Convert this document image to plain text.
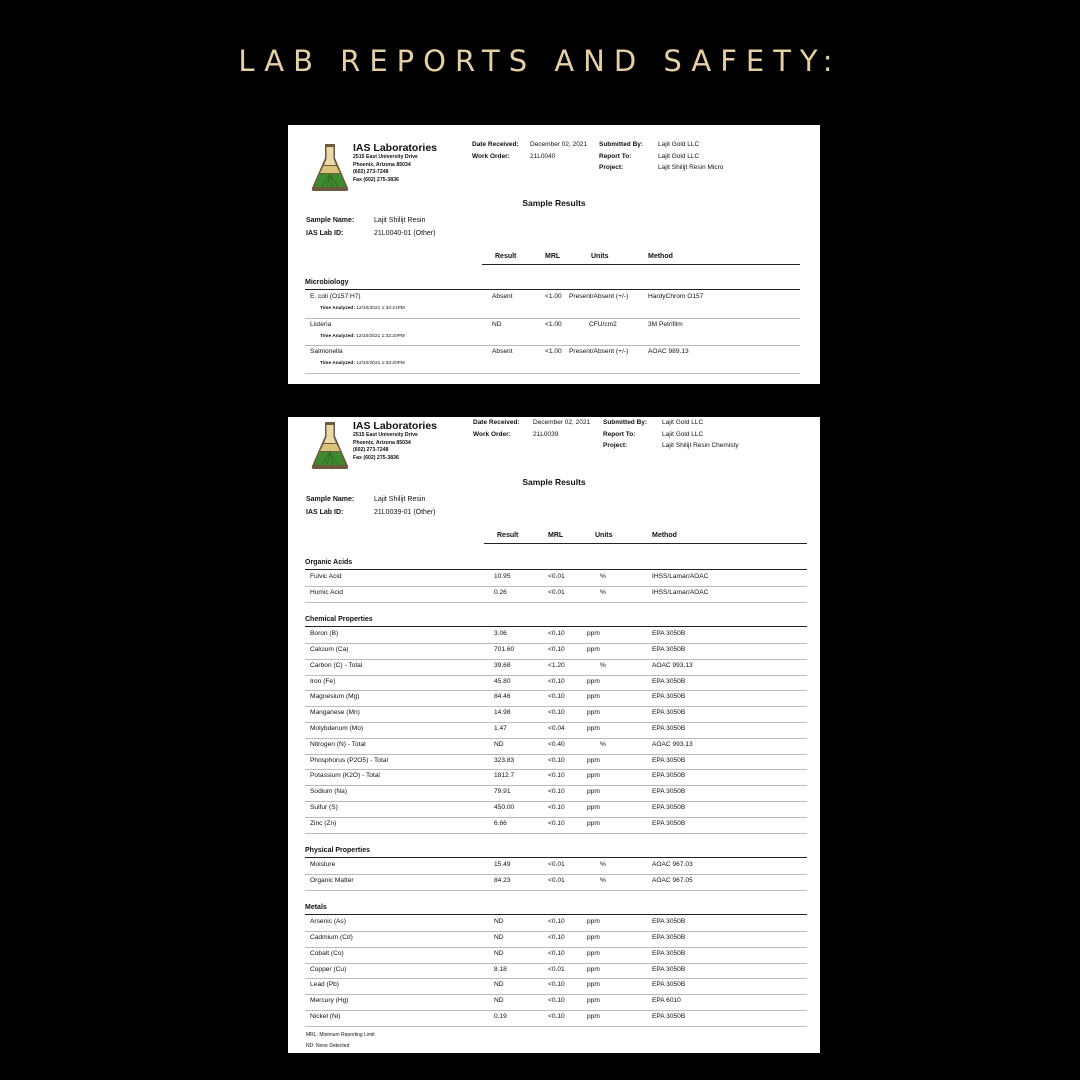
LAB REPORTS AND SAFETY:
IAS Laboratories
2515 East University Drive
Phoenix, Arizona 85034
(602) 273-7248
Fax (602) 275-3836
Date Received:
Work Order:
December 02, 2021
21L0040
Submitted By:
Report To:
Project:
Lajit Gold LLC
Lajit Gold LLC
Lajit Shilijt Resin Micro
Sample Results
Sample Name:	Lajit Shilijt Resin
IAS Lab ID:	21L0040-01 (Other)
Result	MRL	Units	Method
Microbiology
E. coli (O157:H7)	Absent	<1.00 Present/Absent (+/-)	HardyChrom O157
Time Analyzed: 12/10/2021 1:34:21PM
Listeria	ND	<1.00	CFU/cm2	3M Petrifilm
Time Analyzed: 12/10/2021 1:33:20PM
Salmonella	Absent	<1.00 Present/Absent (+/-)	AOAC 989.13
Time Analyzed: 12/10/2021 1:33:20PM
IAS Laboratories
2515 East University Drive
Phoenix, Arizona 85034
(602) 273-7248
Fax (602) 275-3836
Date Received:
Work Order:
December 02, 2021
21L0039
Submitted By:
Report To:
Project:
Lajit Gold LLC
Lajit Gold LLC
Lajit Shilijt Resin Chemisty
Sample Results
Sample Name:	Lajit Shilijt Resin
IAS Lab ID:	21L0039-01 (Other)
Result	MRL	Units	Method
Organic Acids
Fulvic Acid	10.95	<0.01	%	IHSS/Lamar/AOAC
Humic Acid	0.26	<0.01	%	IHSS/Lamar/AOAC
Chemical Properties
Boron (B)	3.06	<0.10	ppm	EPA 3050B
Calcium (Ca)	701.60	<0.10	ppm	EPA 3050B
Carbon (C) - Total	39.68	<1.20	%	AOAC 993.13
Iron (Fe)	45.80	<0.10	ppm	EPA 3050B
Magnesium (Mg)	84.46	<0.10	ppm	EPA 3050B
Manganese (Mn)	14.98	<0.10	ppm	EPA 3050B
Molybdenum (Mo)	1.47	<0.04	ppm	EPA 3050B
Nitrogen (N) - Total	ND	<0.40	%	AOAC 993.13
Phosphorus (P2O5) - Total	323.83	<0.10	ppm	EPA 3050B
Potassium (K2O) - Total	1812.7	<0.10	ppm	EPA 3050B
Sodium (Na)	79.91	<0.10	ppm	EPA 3050B
Sulfur (S)	450.00	<0.10	ppm	EPA 3050B
Zinc (Zn)	6.66	<0.10	ppm	EPA 3050B
Physical Properties
Moisture	15.49	<0.01	%	AOAC 967.03
Organic Matter	84.23	<0.01	%	AOAC 967.05
Metals
Arsenic (As)	ND	<0.10	ppm	EPA 3050B
Cadmium (Cd)	ND	<0.10	ppm	EPA 3050B
Cobalt (Co)	ND	<0.10	ppm	EPA 3050B
Copper (Cu)	8.18	<0.01	ppm	EPA 3050B
Lead (Pb)	ND	<0.10	ppm	EPA 3050B
Mercury (Hg)	ND	<0.10	ppm	EPA 6010
Nickel (Ni)	0.19	<0.10	ppm	EPA 3050B
MRL: Minimum Reporting Limit
ND: None Detected
